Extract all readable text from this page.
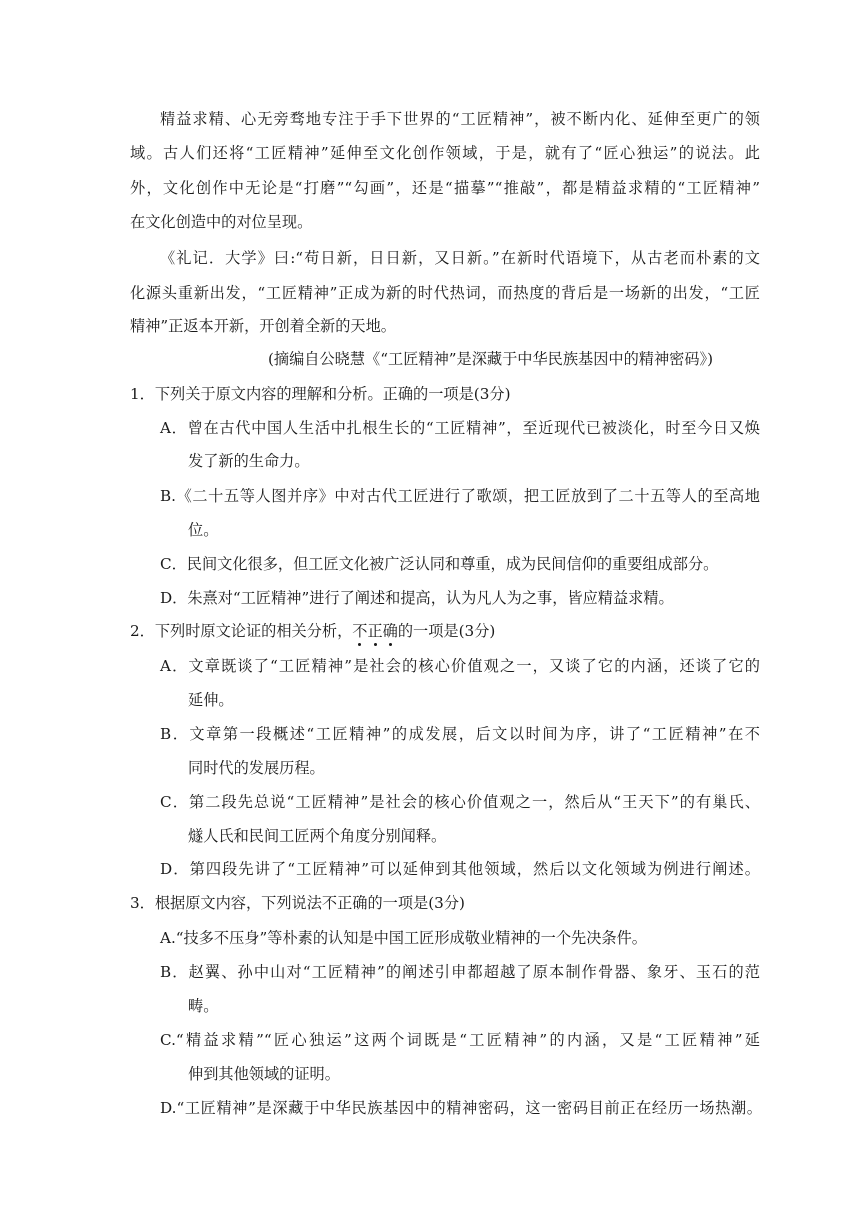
精益求精、心无旁骛地专注于手下世界的“工匠精神”，被不断内化、延伸至更广的领
域。古人们还将“工匠精神”延伸至文化创作领域，于是，就有了“匠心独运”的说法。此
外，文化创作中无论是“打磨”“勾画”，还是“描摹”“推敲”，都是精益求精的“工匠精神”
在文化创造中的对位呈现。
《礼记．大学》曰:“苟日新，日日新，又日新。”在新时代语境下，从古老而朴素的文
化源头重新出发，“工匠精神”正成为新的时代热词，而热度的背后是一场新的出发，“工匠
精神”正返本开新，开创着全新的天地。
(摘编自公晓慧《“工匠精神”是深藏于中华民族基因中的精神密码》)
1．下列关于原文内容的理解和分析。正确的一项是(3分)
A．曾在古代中国人生活中扎根生长的“工匠精神”，至近现代已被淡化，时至今日又焕
发了新的生命力。
B.《二十五等人图并序》中对古代工匠进行了歌颂，把工匠放到了二十五等人的至高地
位。
C．民间文化很多，但工匠文化被广泛认同和尊重，成为民间信仰的重要组成部分。
D．朱熹对“工匠精神”进行了阐述和提高，认为凡人为之事，皆应精益求精。
2．下列时原文论证的相关分析，不
正
确
的一项是(3分)
A．文章既谈了“工匠精神”是社会的核心价值观之一，又谈了它的内涵，还谈了它的
延伸。
B．文章第一段概述“工匠精神”的成发展，后文以时间为序，讲了“工匠精神”在不
同时代的发展历程。
C．第二段先总说“工匠精神”是社会的核心价值观之一，然后从“王天下”的有巢氏、
燧人氏和民间工匠两个角度分别闻释。
D．第四段先讲了“工匠精神”可以延伸到其他领域，然后以文化领域为例进行阐述。
3．根据原文内容，下列说法不正确的一项是(3分)
A.“技多不压身”等朴素的认知是中国工匠形成敬业精神的一个先决条件。
B．赵翼、孙中山对“工匠精神”的阐述引申都超越了原本制作骨器、象牙、玉石的范
畴。
C.“精益求精”“匠心独运”这两个词既是“工匠精神”的内涵，又是“工匠精神”延
伸到其他领域的证明。
D.“工匠精神”是深藏于中华民族基因中的精神密码，这一密码目前正在经历一场热潮。
